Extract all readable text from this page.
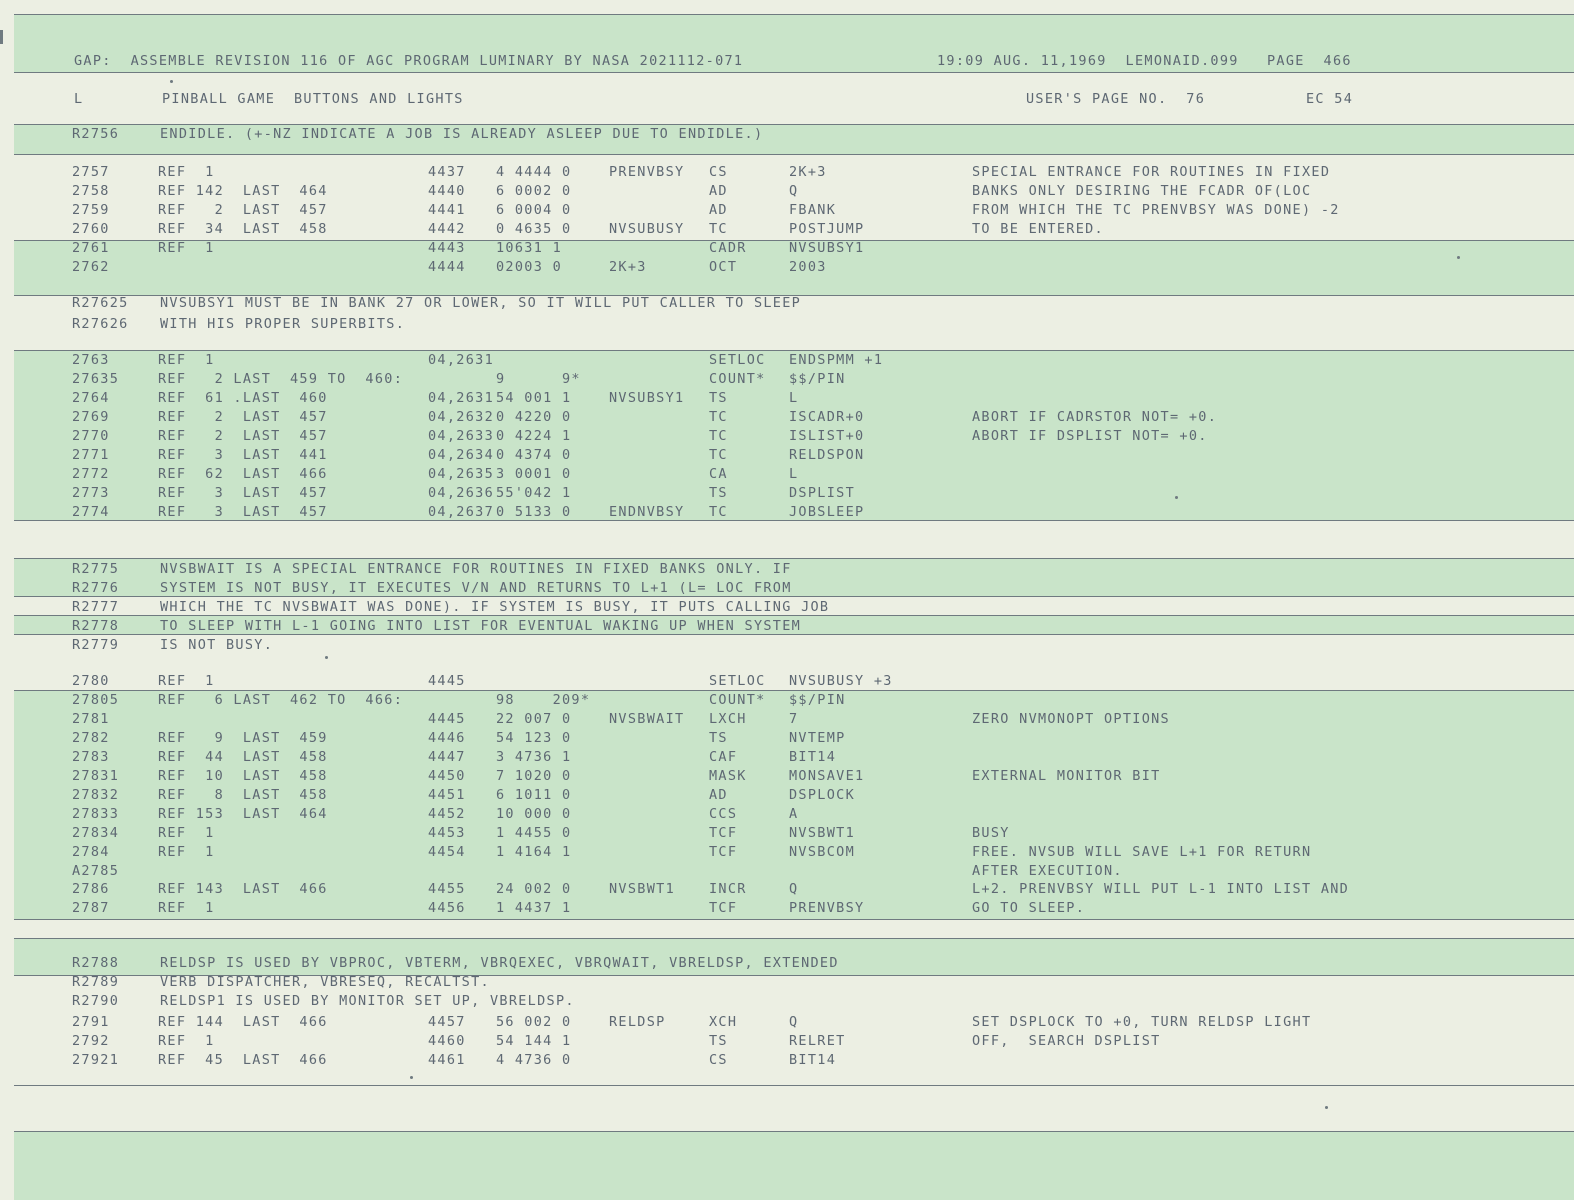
GAP:  ASSEMBLE REVISION 116 OF AGC PROGRAM LUMINARY BY NASA 2021112-071	19:09 AUG. 11,1969  LEMONAID.099   PAGE  466
L	PINBALL GAME  BUTTONS AND LIGHTS	USER'S PAGE NO.  76	EC 54
R2756	ENDIDLE. (+-NZ INDICATE A JOB IS ALREADY ASLEEP DUE TO ENDIDLE.)
2757	REF  1	4437 4 4444 0	PRENVBSY CS	2K+3	SPECIAL ENTRANCE FOR ROUTINES IN FIXED
2758	REF 142  LAST  464	4440 6 0002 0	AD	Q	BANKS ONLY DESIRING THE FCADR OF(LOC
2759	REF   2  LAST  457	4441 6 0004 0	AD	FBANK	FROM WHICH THE TC PRENVBSY WAS DONE) -2
2760	REF  34  LAST  458	4442 0 4635 0	NVSUBUSY TC	POSTJUMP	TO BE ENTERED.
2761	REF  1	4443 10631 1	CADR	NVSUBSY1
2762	4444 02003 0	2K+3	OCT	2003
R27625 NVSUBSY1 MUST BE IN BANK 27 OR LOWER, SO IT WILL PUT CALLER TO SLEEP
R27626 WITH HIS PROPER SUPERBITS.
2763	REF  1	04,2631	SETLOC ENDSPMM +1
27635	REF   2 LAST  459 TO  460:	9      9*	COUNT* $$/PIN
2764	REF  61 .LAST  460	04,2631 54 001 1	NVSUBSY1 TS	L
2769	REF   2  LAST  457	04,2632 0 4220 0	TC	ISCADR+0	ABORT IF CADRSTOR NOT= +0.
2770	REF   2  LAST  457	04,2633 0 4224 1	TC	ISLIST+0	ABORT IF DSPLIST NOT= +0.
2771	REF   3  LAST  441	04,2634 0 4374 0	TC	RELDSPON
2772	REF  62  LAST  466	04,2635 3 0001 0	CA	L
2773	REF   3  LAST  457	04,2636 55'042 1	TS	DSPLIST
2774	REF   3  LAST  457	04,2637 0 5133 0	ENDNVBSY TC	JOBSLEEP
R2775	NVSBWAIT IS A SPECIAL ENTRANCE FOR ROUTINES IN FIXED BANKS ONLY. IF
R2776	SYSTEM IS NOT BUSY, IT EXECUTES V/N AND RETURNS TO L+1 (L= LOC FROM
R2777	WHICH THE TC NVSBWAIT WAS DONE). IF SYSTEM IS BUSY, IT PUTS CALLING JOB
R2778	TO SLEEP WITH L-1 GOING INTO LIST FOR EVENTUAL WAKING UP WHEN SYSTEM
R2779	IS NOT BUSY.
2780	REF  1	4445	SETLOC NVSUBUSY +3
27805	REF   6 LAST  462 TO  466:	98    209*	COUNT* $$/PIN
2781	4445 22 007 0	NVSBWAIT LXCH	7	ZERO NVMONOPT OPTIONS
2782	REF   9  LAST  459	4446 54 123 0	TS	NVTEMP
2783	REF  44  LAST  458	4447 3 4736 1	CAF	BIT14
27831	REF  10  LAST  458	4450 7 1020 0	MASK	MONSAVE1	EXTERNAL MONITOR BIT
27832	REF   8  LAST  458	4451 6 1011 0	AD	DSPLOCK
27833	REF 153  LAST  464	4452 10 000 0	CCS	A
27834	REF  1	4453 1 4455 0	TCF	NVSBWT1	BUSY
2784	REF  1	4454 1 4164 1	TCF	NVSBCOM	FREE. NVSUB WILL SAVE L+1 FOR RETURN
A2785	AFTER EXECUTION.
2786	REF 143  LAST  466	4455 24 002 0	NVSBWT1	INCR	Q	L+2. PRENVBSY WILL PUT L-1 INTO LIST AND
2787	REF  1	4456 1 4437 1	TCF	PRENVBSY	GO TO SLEEP.
R2788	RELDSP IS USED BY VBPROC, VBTERM, VBRQEXEC, VBRQWAIT, VBRELDSP, EXTENDED
R2789	VERB DISPATCHER, VBRESEQ, RECALTST.
R2790	RELDSP1 IS USED BY MONITOR SET UP, VBRELDSP.
2791	REF 144  LAST  466	4457 56 002 0	RELDSP	XCH	Q	SET DSPLOCK TO +0, TURN RELDSP LIGHT
2792	REF  1	4460 54 144 1	TS	RELRET	OFF,  SEARCH DSPLIST
27921	REF  45  LAST  466	4461 4 4736 0	CS	BIT14
